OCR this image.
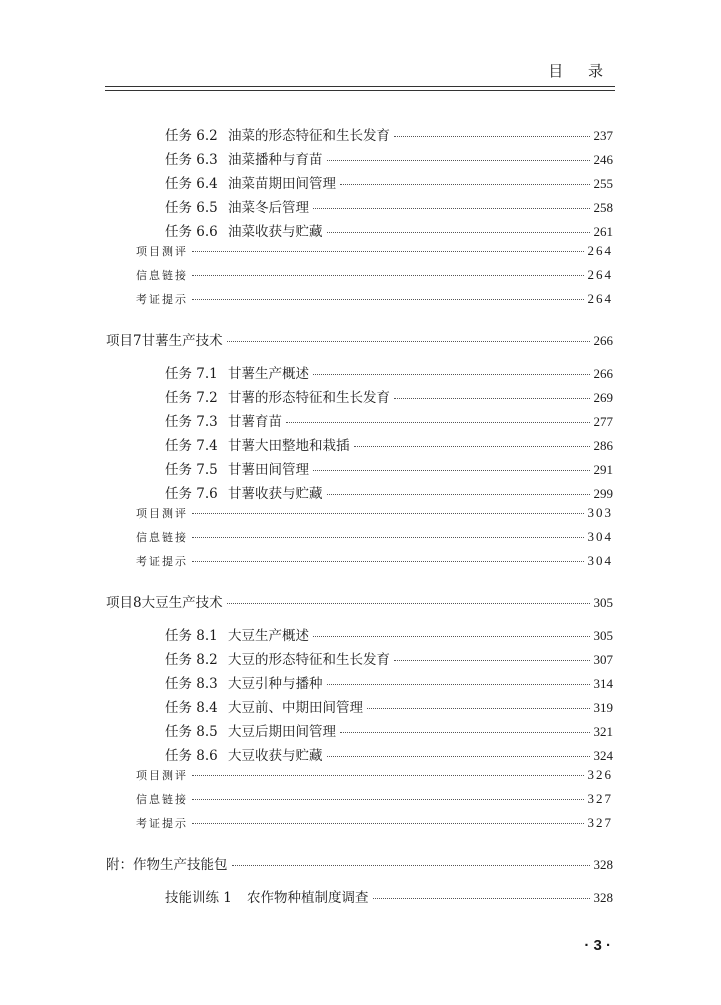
目 录
任务 6.2 油菜的形态特征和生长发育	237
任务 6.3 油菜播种与育苗	246
任务 6.4 油菜苗期田间管理	255
任务 6.5 油菜冬后管理	258
任务 6.6 油菜收获与贮藏	261
项目测评	264
信息链接	264
考证提示	264
项目7 甘薯生产技术	266
任务 7.1 甘薯生产概述	266
任务 7.2 甘薯的形态特征和生长发育	269
任务 7.3 甘薯育苗	277
任务 7.4 甘薯大田整地和栽插	286
任务 7.5 甘薯田间管理	291
任务 7.6 甘薯收获与贮藏	299
项目测评	303
信息链接	304
考证提示	304
项目8 大豆生产技术	305
任务 8.1 大豆生产概述	305
任务 8.2 大豆的形态特征和生长发育	307
任务 8.3 大豆引种与播种	314
任务 8.4 大豆前、中期田间管理	319
任务 8.5 大豆后期田间管理	321
任务 8.6 大豆收获与贮藏	324
项目测评	326
信息链接	327
考证提示	327
附：作物生产技能包	328
技能训练 1	农作物种植制度调查	328
· 3 ·
